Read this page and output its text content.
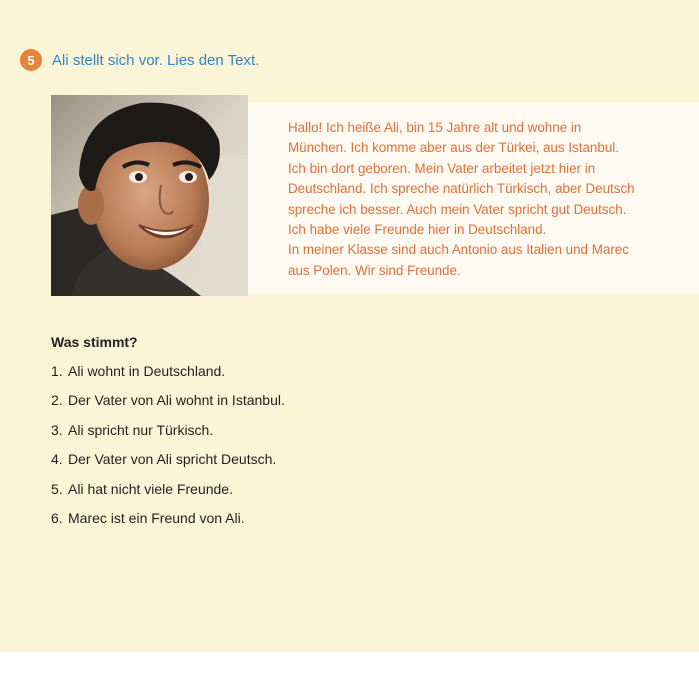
5	Ali stellt sich vor. Lies den Text.
Hallo! Ich heiße Ali, bin 15 Jahre alt und wohne in
München. Ich komme aber aus der Türkei, aus Istanbul.
Ich bin dort geboren. Mein Vater arbeitet jetzt hier in
Deutschland. Ich spreche natürlich Türkisch, aber Deutsch
spreche ich besser. Auch mein Vater spricht gut Deutsch.
Ich habe viele Freunde hier in Deutschland.
In meiner Klasse sind auch Antonio aus Italien und Marec
aus Polen. Wir sind Freunde.
Was stimmt?
1. Ali wohnt in Deutschland.
2. Der Vater von Ali wohnt in Istanbul.
3. Ali spricht nur Türkisch.
4. Der Vater von Ali spricht Deutsch.
5. Ali hat nicht viele Freunde.
6. Marec ist ein Freund von Ali.
